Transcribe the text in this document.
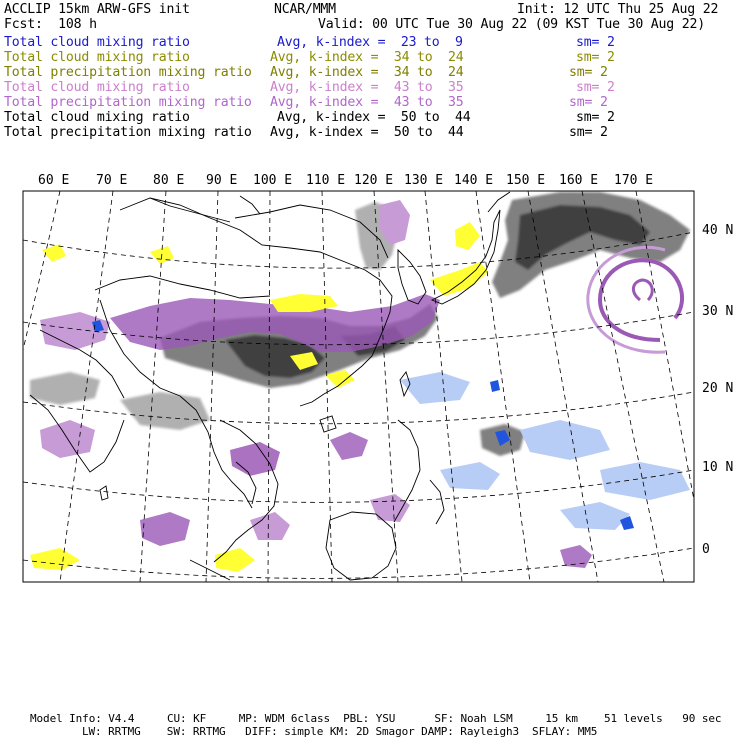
ACCLIP 15km ARW-GFS init	NCAR/MMM	Init: 12 UTC Thu 25 Aug 22
Fcst:  108 h	Valid: 00 UTC Tue 30 Aug 22 (09 KST Tue 30 Aug 22)
Total cloud mixing ratio	Avg, k-index =  23 to  9	sm= 2
Total cloud mixing ratio	Avg, k-index =  34 to  24	sm= 2
Total precipitation mixing ratio Avg, k-index =  34 to  24	sm= 2
Total cloud mixing ratio	Avg, k-index =  43 to  35	sm= 2
Total precipitation mixing ratio Avg, k-index =  43 to  35	sm= 2
Total cloud mixing ratio	Avg, k-index =  50 to  44	sm= 2
Total precipitation mixing ratio Avg, k-index =  50 to  44	sm= 2
60 E 70 E 80 E 90 E 100 E 110 E 120 E 130 E 140 E 150 E 160 E 170 E
40 N
30 N
20 N
10 N
0
Model Info: V4.4     CU: KF     MP: WDM 6class  PBL: YSU      SF: Noah LSM     15 km    51 levels   90 sec
LW: RRTMG    SW: RRTMG   DIFF: simple KM: 2D Smagor DAMP: Rayleigh3  SFLAY: MM5
